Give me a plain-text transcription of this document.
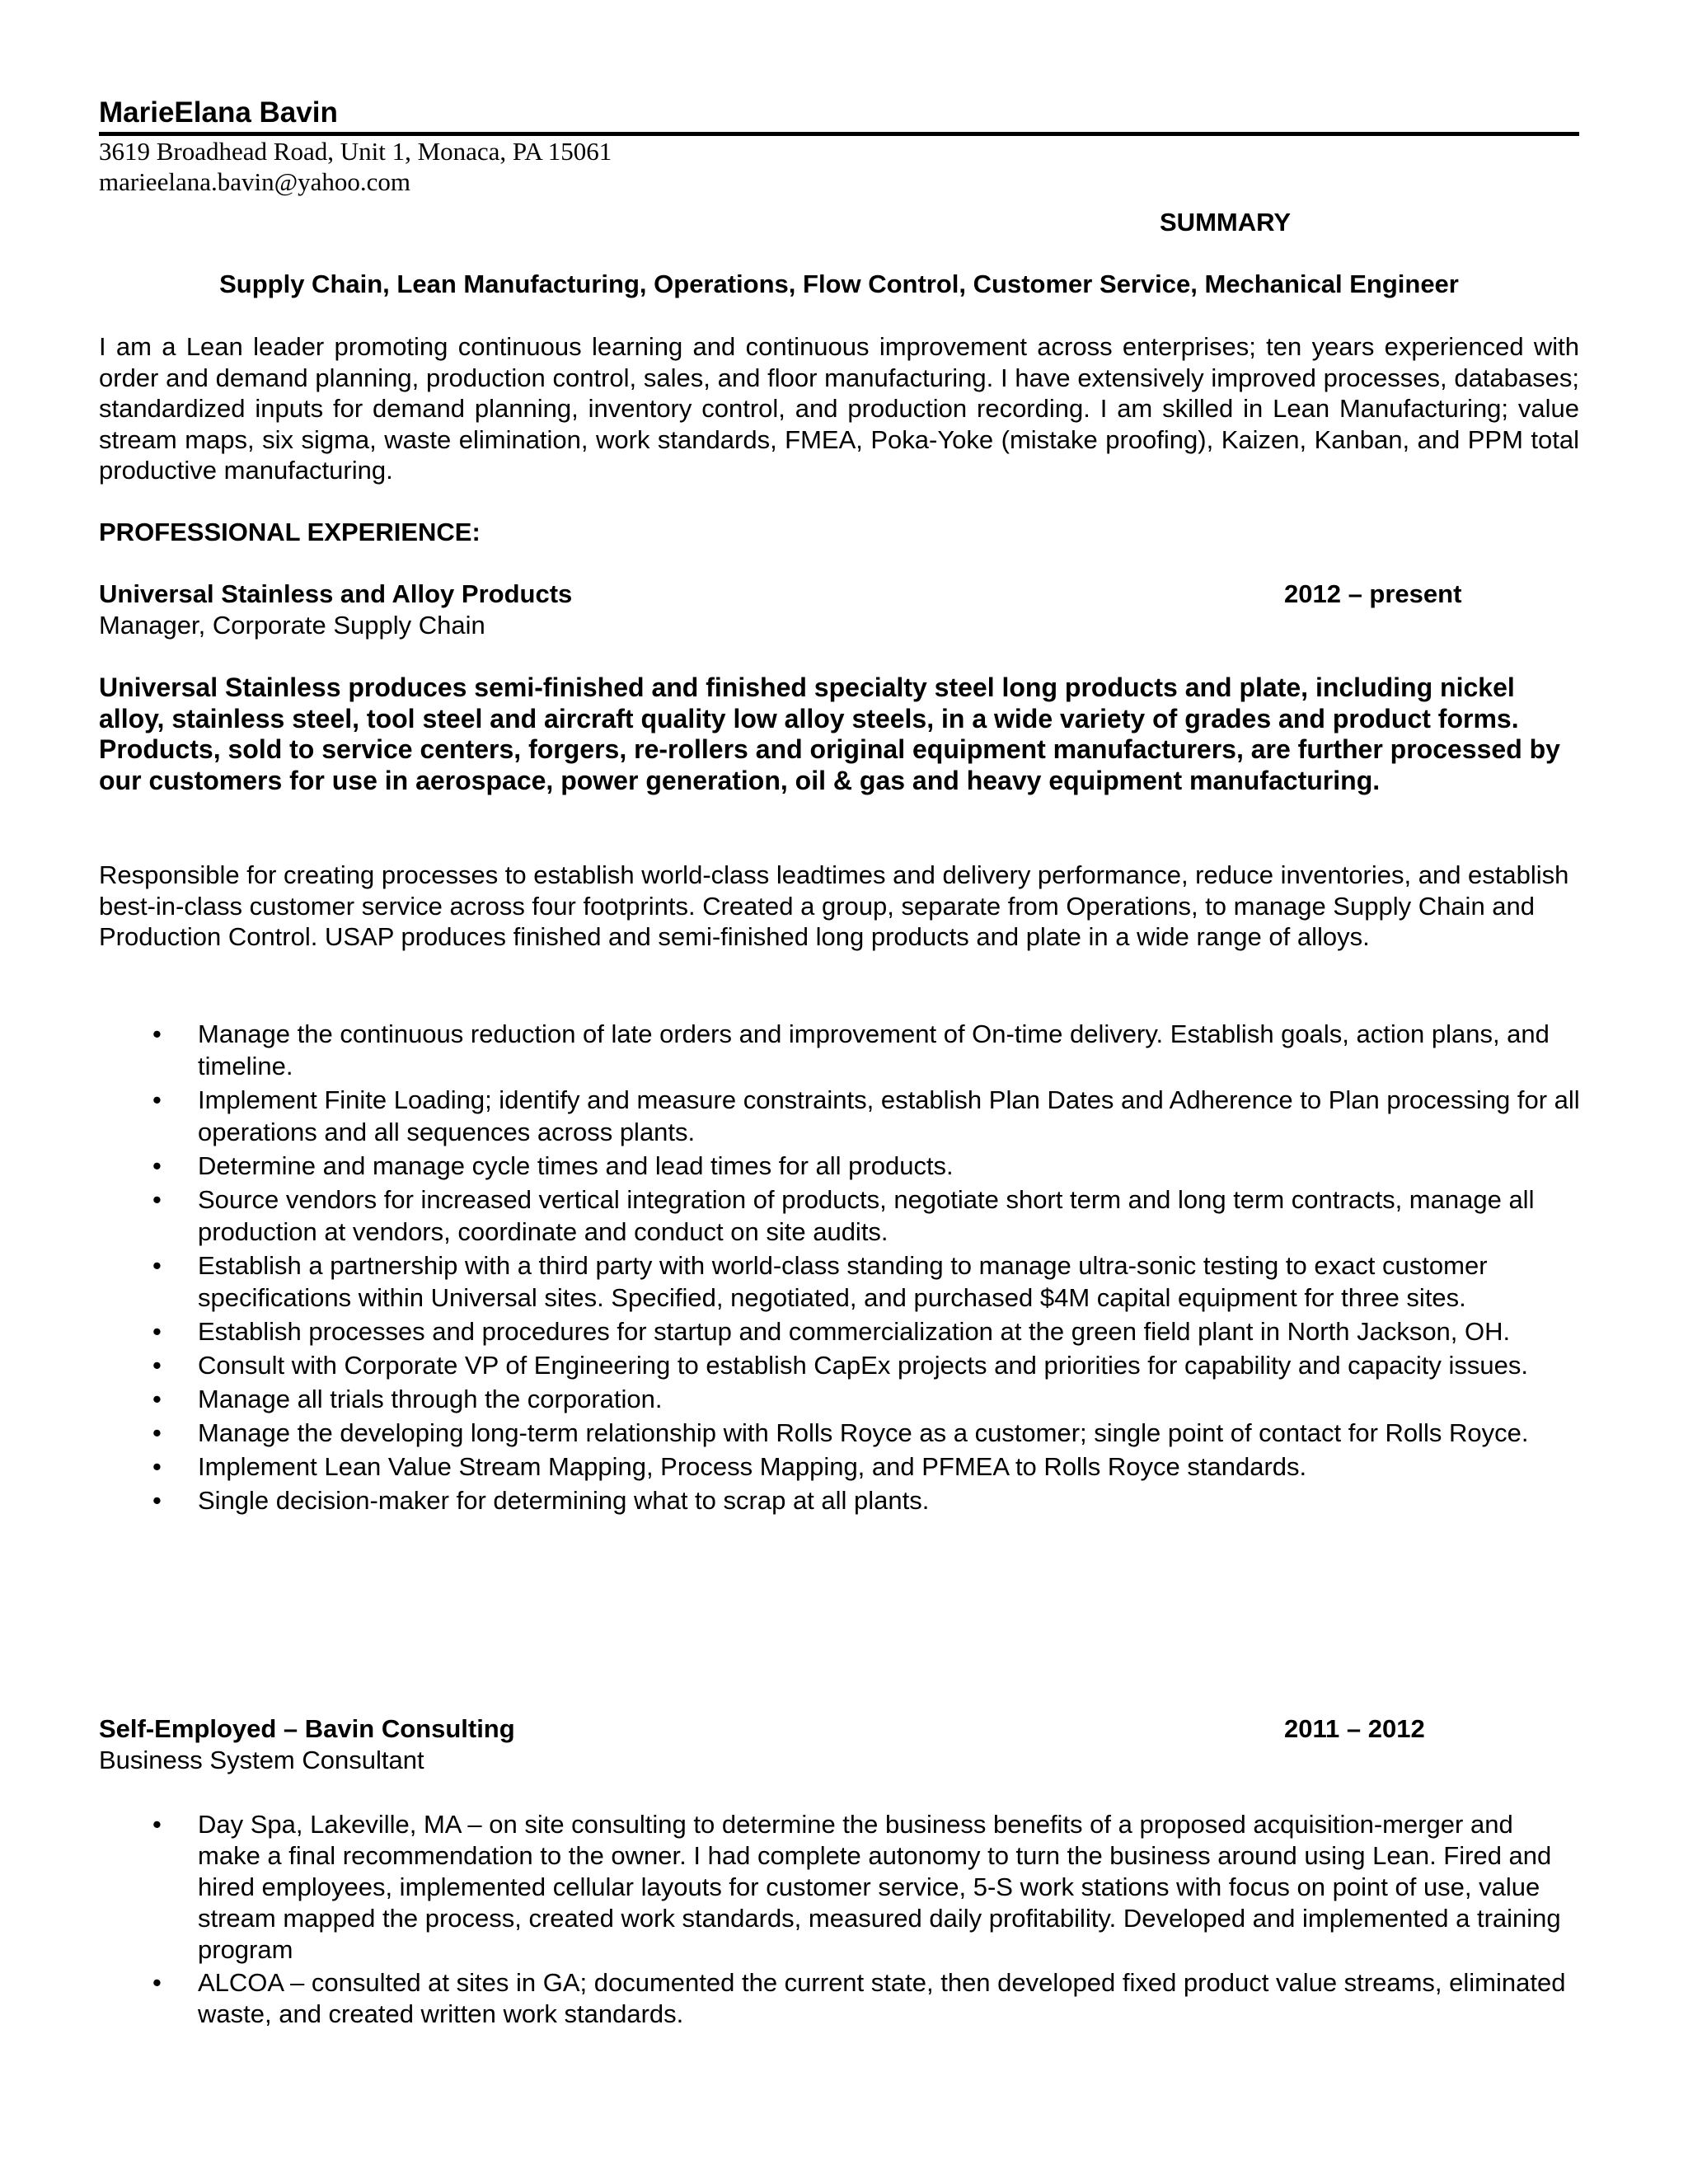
MarieElana Bavin
3619 Broadhead Road, Unit 1, Monaca, PA 15061
marieelana.bavin@yahoo.com
SUMMARY
Supply Chain, Lean Manufacturing, Operations, Flow Control, Customer Service, Mechanical Engineer
I am a Lean leader promoting continuous learning and continuous improvement across enterprises; ten years experienced with order and demand planning, production control, sales, and floor manufacturing. I have extensively improved processes, databases; standardized inputs for demand planning, inventory control, and production recording. I am skilled in Lean Manufacturing; value stream maps, six sigma, waste elimination, work standards, FMEA, Poka-Yoke (mistake proofing), Kaizen, Kanban, and PPM total productive manufacturing.
PROFESSIONAL EXPERIENCE:
Universal Stainless and Alloy Products	2012 – present
Manager, Corporate Supply Chain
Universal Stainless produces semi-finished and finished specialty steel long products and plate, including nickel alloy, stainless steel, tool steel and aircraft quality low alloy steels, in a wide variety of grades and product forms. Products, sold to service centers, forgers, re-rollers and original equipment manufacturers, are further processed by our customers for use in aerospace, power generation, oil & gas and heavy equipment manufacturing.
Responsible for creating processes to establish world-class leadtimes and delivery performance, reduce inventories, and establish best-in-class customer service across four footprints. Created a group, separate from Operations, to manage Supply Chain and Production Control. USAP produces finished and semi-finished long products and plate in a wide range of alloys.
• Manage the continuous reduction of late orders and improvement of On-time delivery. Establish goals, action plans, and timeline.
• Implement Finite Loading; identify and measure constraints, establish Plan Dates and Adherence to Plan processing for all operations and all sequences across plants.
• Determine and manage cycle times and lead times for all products.
• Source vendors for increased vertical integration of products, negotiate short term and long term contracts, manage all production at vendors, coordinate and conduct on site audits.
• Establish a partnership with a third party with world-class standing to manage ultra-sonic testing to exact customer specifications within Universal sites. Specified, negotiated, and purchased $4M capital equipment for three sites.
• Establish processes and procedures for startup and commercialization at the green field plant in North Jackson, OH.
• Consult with Corporate VP of Engineering to establish CapEx projects and priorities for capability and capacity issues.
• Manage all trials through the corporation.
• Manage the developing long-term relationship with Rolls Royce as a customer; single point of contact for Rolls Royce.
• Implement Lean Value Stream Mapping, Process Mapping, and PFMEA to Rolls Royce standards.
• Single decision-maker for determining what to scrap at all plants.
Self-Employed – Bavin Consulting	2011 – 2012
Business System Consultant
• Day Spa, Lakeville, MA – on site consulting to determine the business benefits of a proposed acquisition-merger and make a final recommendation to the owner. I had complete autonomy to turn the business around using Lean. Fired and hired employees, implemented cellular layouts for customer service, 5-S work stations with focus on point of use, value stream mapped the process, created work standards, measured daily profitability. Developed and implemented a training program
• ALCOA – consulted at sites in GA; documented the current state, then developed fixed product value streams, eliminated waste, and created written work standards.
